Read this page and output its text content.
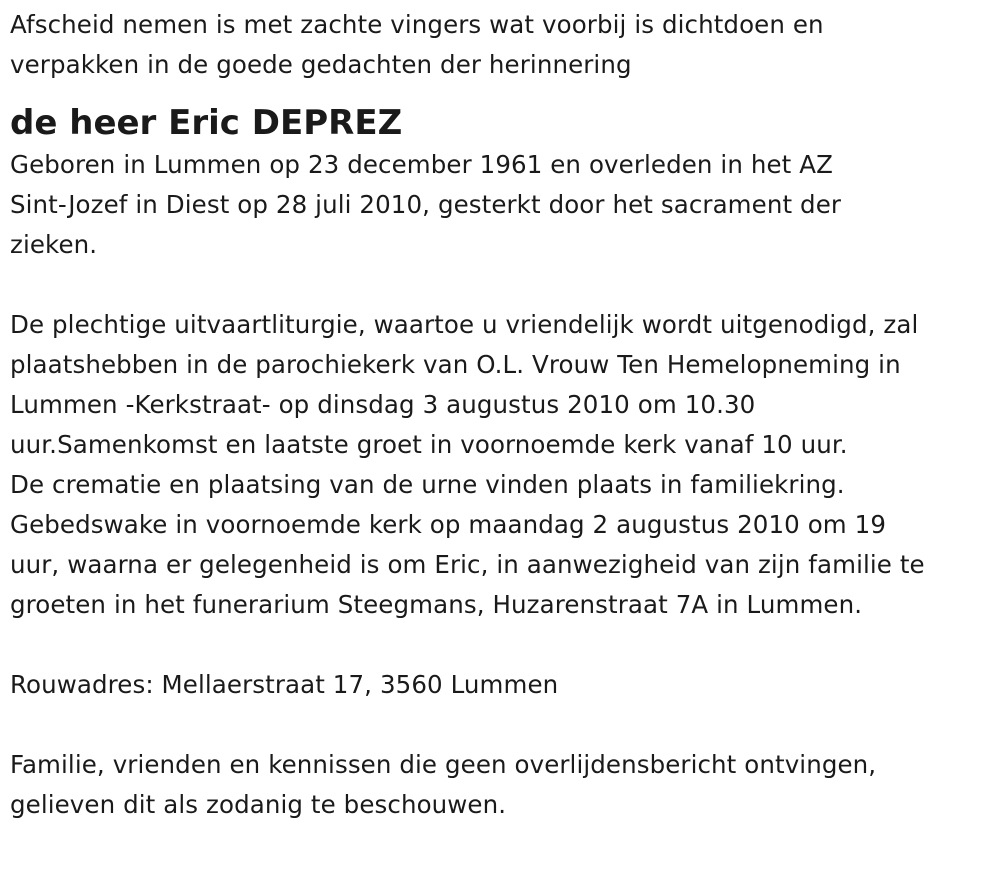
Afscheid nemen is met zachte vingers wat voorbij is dichtdoen en
verpakken in de goede gedachten der herinnering
de heer Eric DEPREZ
Geboren in Lummen op 23 december 1961 en overleden in het AZ
Sint-Jozef in Diest op 28 juli 2010, gesterkt door het sacrament der
zieken.
De plechtige uitvaartliturgie, waartoe u vriendelijk wordt uitgenodigd, zal
plaatshebben in de parochiekerk van O.L. Vrouw Ten Hemelopneming in
Lummen -Kerkstraat- op dinsdag 3 augustus 2010 om 10.30
uur.Samenkomst en laatste groet in voornoemde kerk vanaf 10 uur.
De crematie en plaatsing van de urne vinden plaats in familiekring.
Gebedswake in voornoemde kerk op maandag 2 augustus 2010 om 19
uur, waarna er gelegenheid is om Eric, in aanwezigheid van zijn familie te
groeten in het funerarium Steegmans, Huzarenstraat 7A in Lummen.
Rouwadres: Mellaerstraat 17, 3560 Lummen
Familie, vrienden en kennissen die geen overlijdensbericht ontvingen,
gelieven dit als zodanig te beschouwen.
